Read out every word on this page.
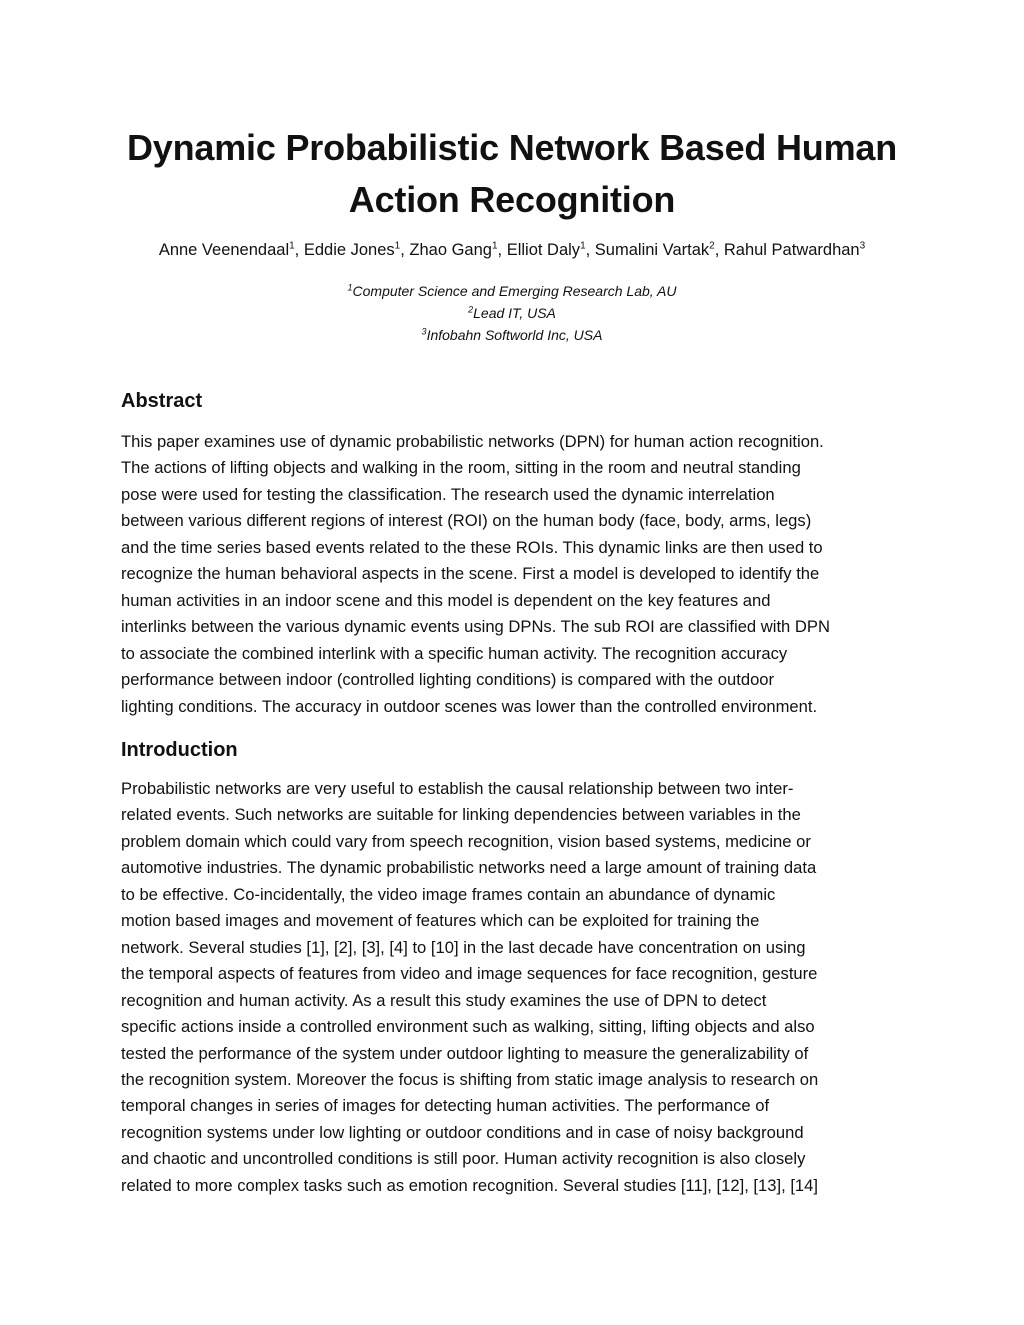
Dynamic Probabilistic Network Based Human
Action Recognition
Anne Veenendaal$^1$, Eddie Jones$^1$, Zhao Gang$^1$, Elliot Daly$^1$, Sumalini Vartak$^2$, Rahul Patwardhan$^3$
$^1$Computer Science and Emerging Research Lab, AU
$^2$Lead IT, USA
$^3$Infobahn Softworld Inc, USA
Abstract
This paper examines use of dynamic probabilistic networks (DPN) for human action recognition.
The actions of lifting objects and walking in the room, sitting in the room and neutral standing
pose were used for testing the classification. The research used the dynamic interrelation
between various different regions of interest (ROI) on the human body (face, body, arms, legs)
and the time series based events related to the these ROIs. This dynamic links are then used to
recognize the human behavioral aspects in the scene. First a model is developed to identify the
human activities in an indoor scene and this model is dependent on the key features and
interlinks between the various dynamic events using DPNs. The sub ROI are classified with DPN
to associate the combined interlink with a specific human activity. The recognition accuracy
performance between indoor (controlled lighting conditions) is compared with the outdoor
lighting conditions. The accuracy in outdoor scenes was lower than the controlled environment.
Introduction
Probabilistic networks are very useful to establish the causal relationship between two inter-
related events. Such networks are suitable for linking dependencies between variables in the
problem domain which could vary from speech recognition, vision based systems, medicine or
automotive industries. The dynamic probabilistic networks need a large amount of training data
to be effective. Co-incidentally, the video image frames contain an abundance of dynamic
motion based images and movement of features which can be exploited for training the
network. Several studies [1], [2], [3], [4] to [10] in the last decade have concentration on using
the temporal aspects of features from video and image sequences for face recognition, gesture
recognition and human activity. As a result this study examines the use of DPN to detect
specific actions inside a controlled environment such as walking, sitting, lifting objects and also
tested the performance of the system under outdoor lighting to measure the generalizability of
the recognition system. Moreover the focus is shifting from static image analysis to research on
temporal changes in series of images for detecting human activities. The performance of
recognition systems under low lighting or outdoor conditions and in case of noisy background
and chaotic and uncontrolled conditions is still poor. Human activity recognition is also closely
related to more complex tasks such as emotion recognition. Several studies [11], [12], [13], [14]
